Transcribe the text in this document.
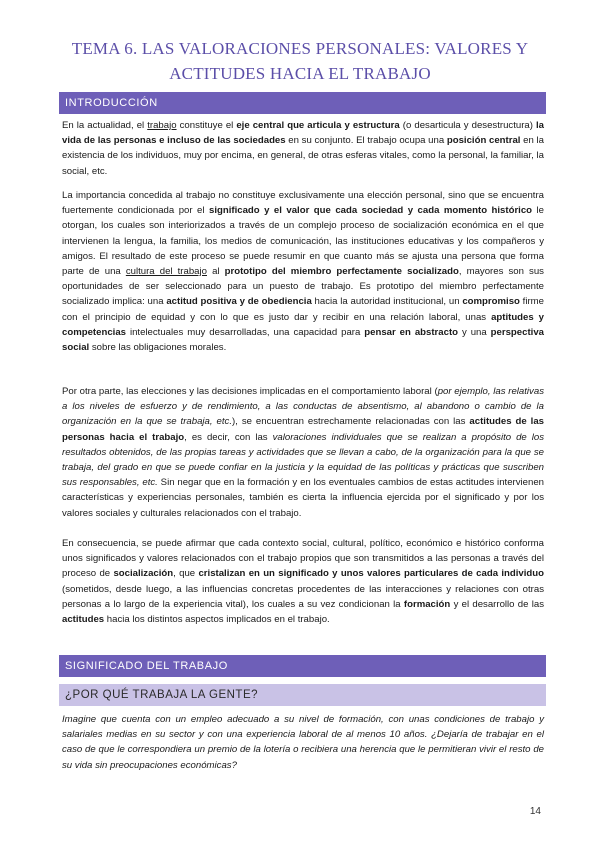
TEMA 6. LAS VALORACIONES PERSONALES: VALORES Y ACTITUDES HACIA EL TRABAJO
INTRODUCCIÓN

En la actualidad, el trabajo constituye el eje central que articula y estructura (o desarticula y desestructura) la vida de las personas e incluso de las sociedades en su conjunto. El trabajo ocupa una posición central en la existencia de los individuos, muy por encima, en general, de otras esferas vitales, como la personal, la familiar, la social, etc.

La importancia concedida al trabajo no constituye exclusivamente una elección personal, sino que se encuentra fuertemente condicionada por el significado y el valor que cada sociedad y cada momento histórico le otorgan, los cuales son interiorizados a través de un complejo proceso de socialización económica en el que intervienen la lengua, la familia, los medios de comunicación, las instituciones educativas y los compañeros y amigos. El resultado de este proceso se puede resumir en que cuanto más se ajusta una persona que forma parte de una cultura del trabajo al prototipo del miembro perfectamente socializado, mayores son sus oportunidades de ser seleccionado para un puesto de trabajo. Es prototipo del miembro perfectamente socializado implica: una actitud positiva y de obediencia hacia la autoridad institucional, un compromiso firme con el principio de equidad y con lo que es justo dar y recibir en una relación laboral, unas aptitudes y competencias intelectuales muy desarrolladas, una capacidad para pensar en abstracto y una perspectiva social sobre las obligaciones morales.

Por otra parte, las elecciones y las decisiones implicadas en el comportamiento laboral (por ejemplo, las relativas a los niveles de esfuerzo y de rendimiento, a las conductas de absentismo, al abandono o cambio de la organización en la que se trabaja, etc.), se encuentran estrechamente relacionadas con las actitudes de las personas hacia el trabajo, es decir, con las valoraciones individuales que se realizan a propósito de los resultados obtenidos, de las propias tareas y actividades que se llevan a cabo, de la organización para la que se trabaja, del grado en que se puede confiar en la justicia y la equidad de las políticas y prácticas que suscriben sus responsables, etc. Sin negar que en la formación y en los eventuales cambios de estas actitudes intervienen características y experiencias personales, también es cierta la influencia ejercida por el significado y por los valores sociales y culturales relacionados con el trabajo.

En consecuencia, se puede afirmar que cada contexto social, cultural, político, económico e histórico conforma unos significados y valores relacionados con el trabajo propios que son transmitidos a las personas a través del proceso de socialización, que cristalizan en un significado y unos valores particulares de cada individuo (sometidos, desde luego, a las influencias concretas procedentes de las interacciones y relaciones con otras personas a lo largo de la experiencia vital), los cuales a su vez condicionan la formación y el desarrollo de las actitudes hacia los distintos aspectos implicados en el trabajo.

SIGNIFICADO DEL TRABAJO
¿POR QUÉ TRABAJA LA GENTE?

Imagine que cuenta con un empleo adecuado a su nivel de formación, con unas condiciones de trabajo y salariales medias en su sector y con una experiencia laboral de al menos 10 años. ¿Dejaría de trabajar en el caso de que le correspondiera un premio de la lotería o recibiera una herencia que le permitieran vivir el resto de su vida sin preocupaciones económicas?

14
